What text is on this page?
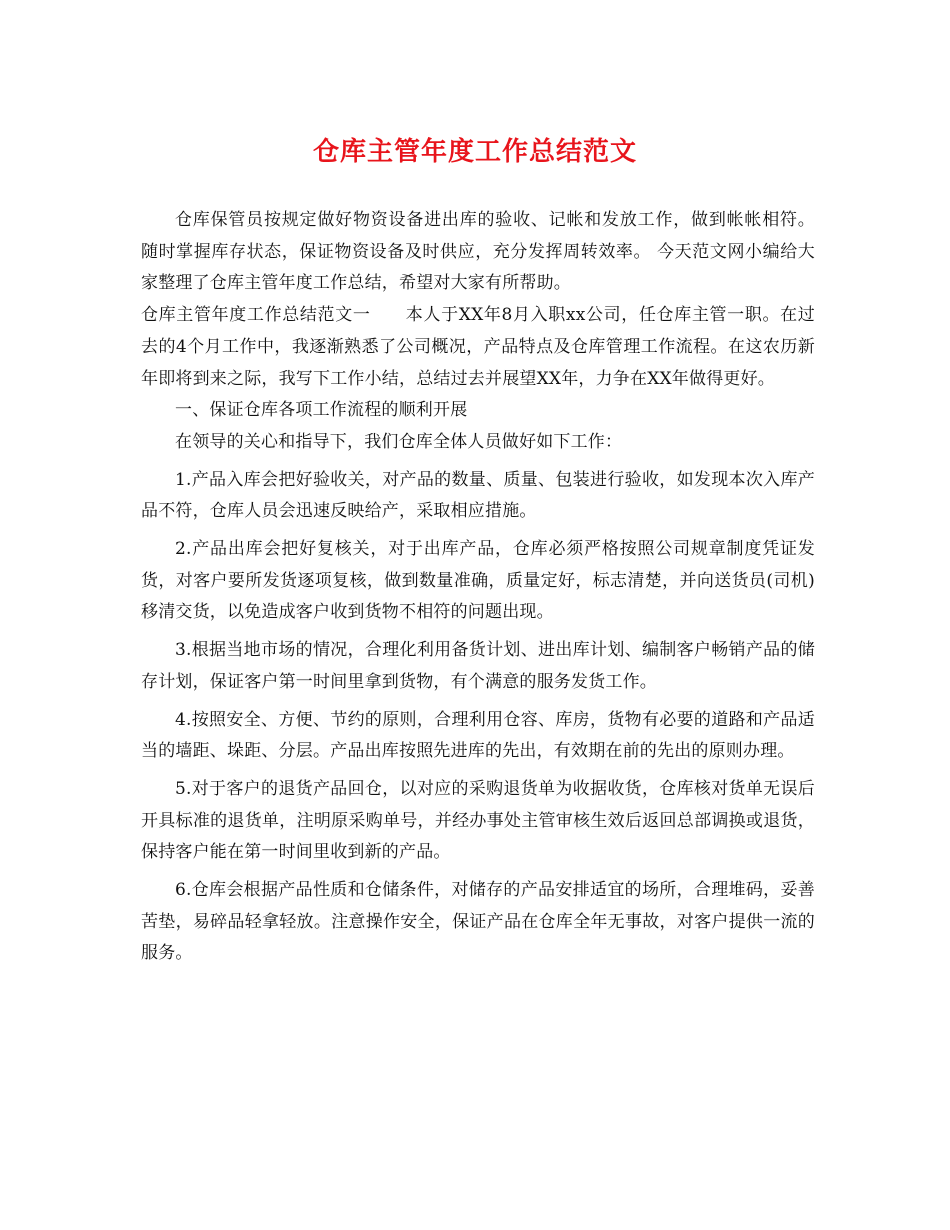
仓库主管年度工作总结范文

仓库保管员按规定做好物资设备进出库的验收、记帐和发放工作，做到帐帐相符。 随时掌握库存状态，保证物资设备及时供应，充分发挥周转效率。 今天范文网小编给大家整理了仓库主管年度工作总结，希望对大家有所帮助。

仓库主管年度工作总结范文一　　本人于XX年8月入职xx公司，任仓库主管一职。在过去的4个月工作中，我逐渐熟悉了公司概况，产品特点及仓库管理工作流程。在这农历新年即将到来之际，我写下工作小结，总结过去并展望XX年，力争在XX年做得更好。

一、保证仓库各项工作流程的顺利开展

在领导的关心和指导下，我们仓库全体人员做好如下工作：

1.产品入库会把好验收关，对产品的数量、质量、包装进行验收，如发现本次入库产品不符，仓库人员会迅速反映给产，采取相应措施。

2.产品出库会把好复核关，对于出库产品，仓库必须严格按照公司规章制度凭证发货，对客户要所发货逐项复核，做到数量准确，质量定好，标志清楚，并向送货员(司机)移清交货，以免造成客户收到货物不相符的问题出现。

3.根据当地市场的情况，合理化利用备货计划、进出库计划、编制客户畅销产品的储存计划，保证客户第一时间里拿到货物，有个满意的服务发货工作。

4.按照安全、方便、节约的原则，合理利用仓容、库房，货物有必要的道路和产品适当的墙距、垛距、分层。产品出库按照先进库的先出，有效期在前的先出的原则办理。

5.对于客户的退货产品回仓，以对应的采购退货单为收据收货，仓库核对货单无误后开具标准的退货单，注明原采购单号，并经办事处主管审核生效后返回总部调换或退货，保持客户能在第一时间里收到新的产品。

6.仓库会根据产品性质和仓储条件，对储存的产品安排适宜的场所，合理堆码，妥善苦垫，易碎品轻拿轻放。注意操作安全，保证产品在仓库全年无事故，对客户提供一流的服务。
